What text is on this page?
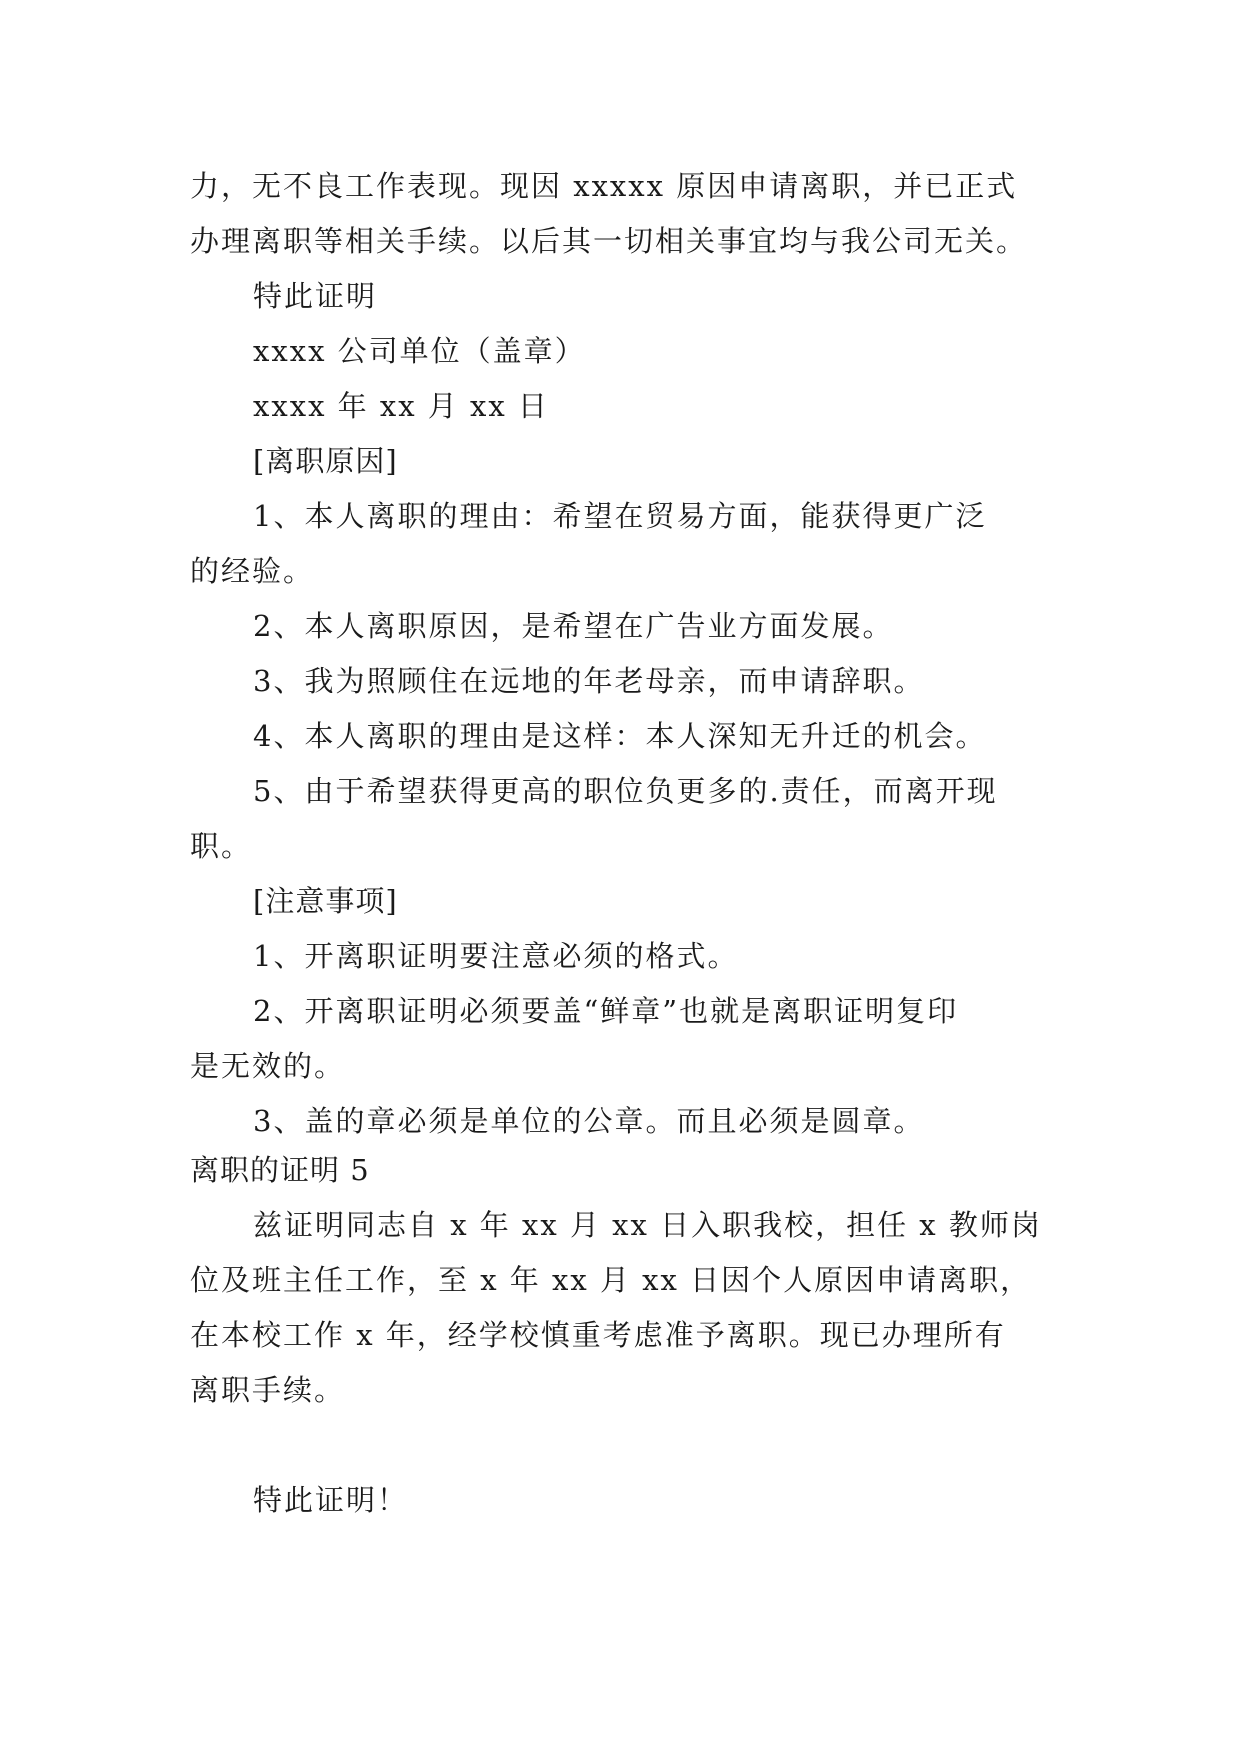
力，无不良工作表现。现因 xxxxx 原因申请离职，并已正式

办理离职等相关手续。以后其一切相关事宜均与我公司无关。

特此证明

xxxx 公司单位（盖章）

xxxx 年 xx 月 xx 日

[离职原因]

1、本人离职的理由：希望在贸易方面，能获得更广泛

的经验。

2、本人离职原因，是希望在广告业方面发展。

3、我为照顾住在远地的年老母亲，而申请辞职。

4、本人离职的理由是这样：本人深知无升迁的机会。

5、由于希望获得更高的职位负更多的.责任，而离开现

职。

[注意事项]

1、开离职证明要注意必须的格式。

2、开离职证明必须要盖“鲜章”也就是离职证明复印

是无效的。

3、盖的章必须是单位的公章。而且必须是圆章。

离职的证明 5

兹证明同志自 x 年 xx 月 xx 日入职我校，担任 x 教师岗

位及班主任工作，至 x 年 xx 月 xx 日因个人原因申请离职，

在本校工作 x 年，经学校慎重考虑准予离职。现已办理所有

离职手续。

特此证明！
